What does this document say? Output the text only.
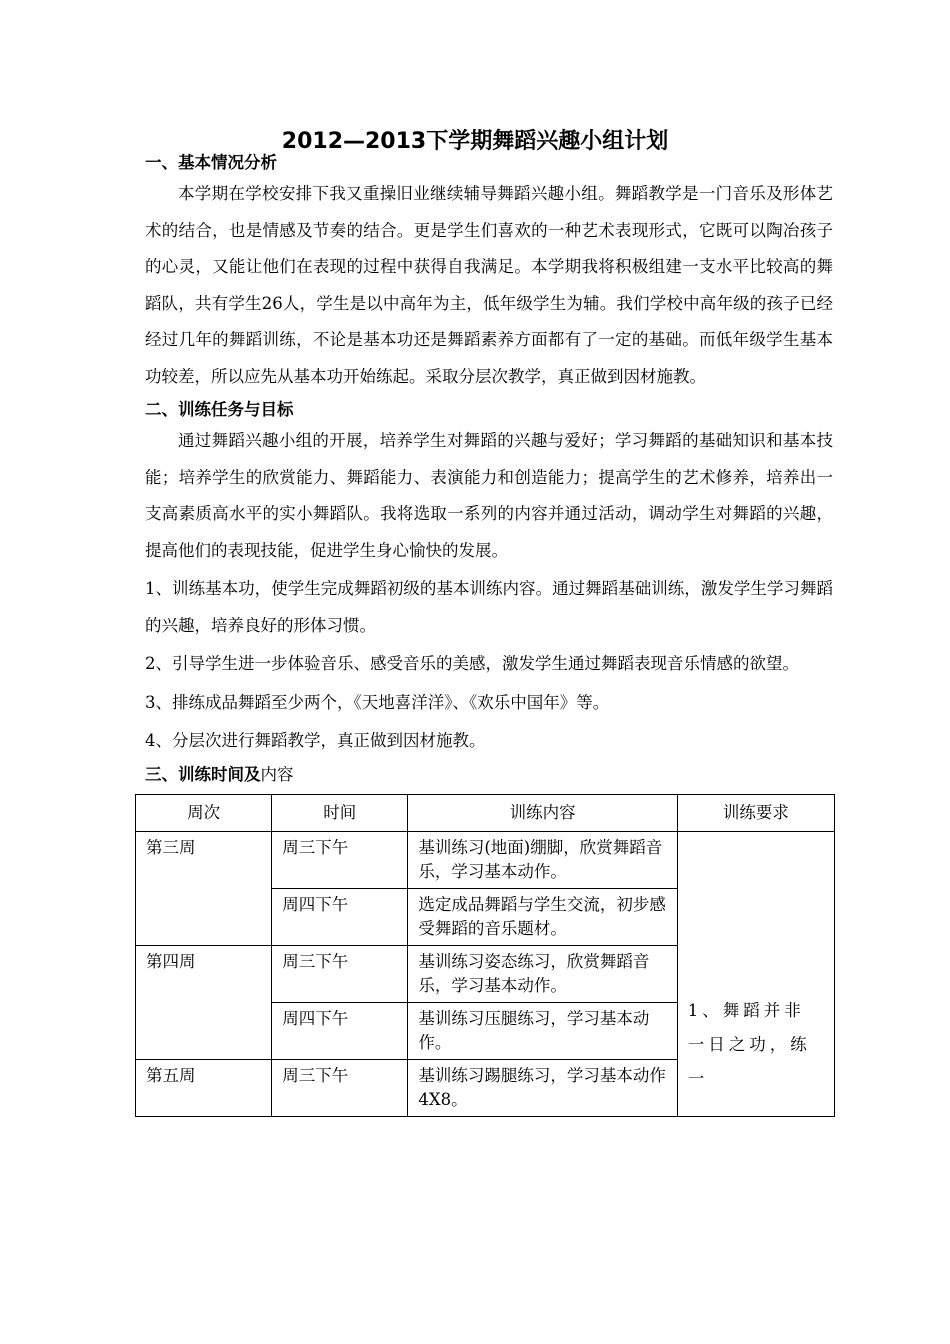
2012—2013下学期舞蹈兴趣小组计划
一、基本情况分析
本学期在学校安排下我又重操旧业继续辅导舞蹈兴趣小组。舞蹈教学是一门音乐及形体艺术的结合，也是情感及节奏的结合。更是学生们喜欢的一种艺术表现形式，它既可以陶冶孩子的心灵，又能让他们在表现的过程中获得自我满足。本学期我将积极组建一支水平比较高的舞蹈队，共有学生26人，学生是以中高年为主，低年级学生为辅。我们学校中高年级的孩子已经经过几年的舞蹈训练，不论是基本功还是舞蹈素养方面都有了一定的基础。而低年级学生基本功较差，所以应先从基本功开始练起。采取分层次教学，真正做到因材施教。
二、训练任务与目标
通过舞蹈兴趣小组的开展，培养学生对舞蹈的兴趣与爱好；学习舞蹈的基础知识和基本技能；培养学生的欣赏能力、舞蹈能力、表演能力和创造能力；提高学生的艺术修养，培养出一支高素质高水平的实小舞蹈队。我将选取一系列的内容并通过活动，调动学生对舞蹈的兴趣，提高他们的表现技能，促进学生身心愉快的发展。
1、训练基本功，使学生完成舞蹈初级的基本训练内容。通过舞蹈基础训练，激发学生学习舞蹈的兴趣，培养良好的形体习惯。
2、引导学生进一步体验音乐、感受音乐的美感，激发学生通过舞蹈表现音乐情感的欲望。
3、排练成品舞蹈至少两个，《天地喜洋洋》、《欢乐中国年》等。
4、分层次进行舞蹈教学，真正做到因材施教。
三、训练时间及内容
周次	时间	训练内容	训练要求
第三周	周三下午	基训练习(地面)绷脚，欣赏舞蹈音乐，学习基本动作。	1、舞蹈并非一日之功，练一
	周四下午	选定成品舞蹈与学生交流，初步感受舞蹈的音乐题材。	
第四周	周三下午	基训练习姿态练习，欣赏舞蹈音乐，学习基本动作。	
	周四下午	基训练习压腿练习，学习基本动作。	
第五周	周三下午	基训练习踢腿练习，学习基本动作4X8。	
